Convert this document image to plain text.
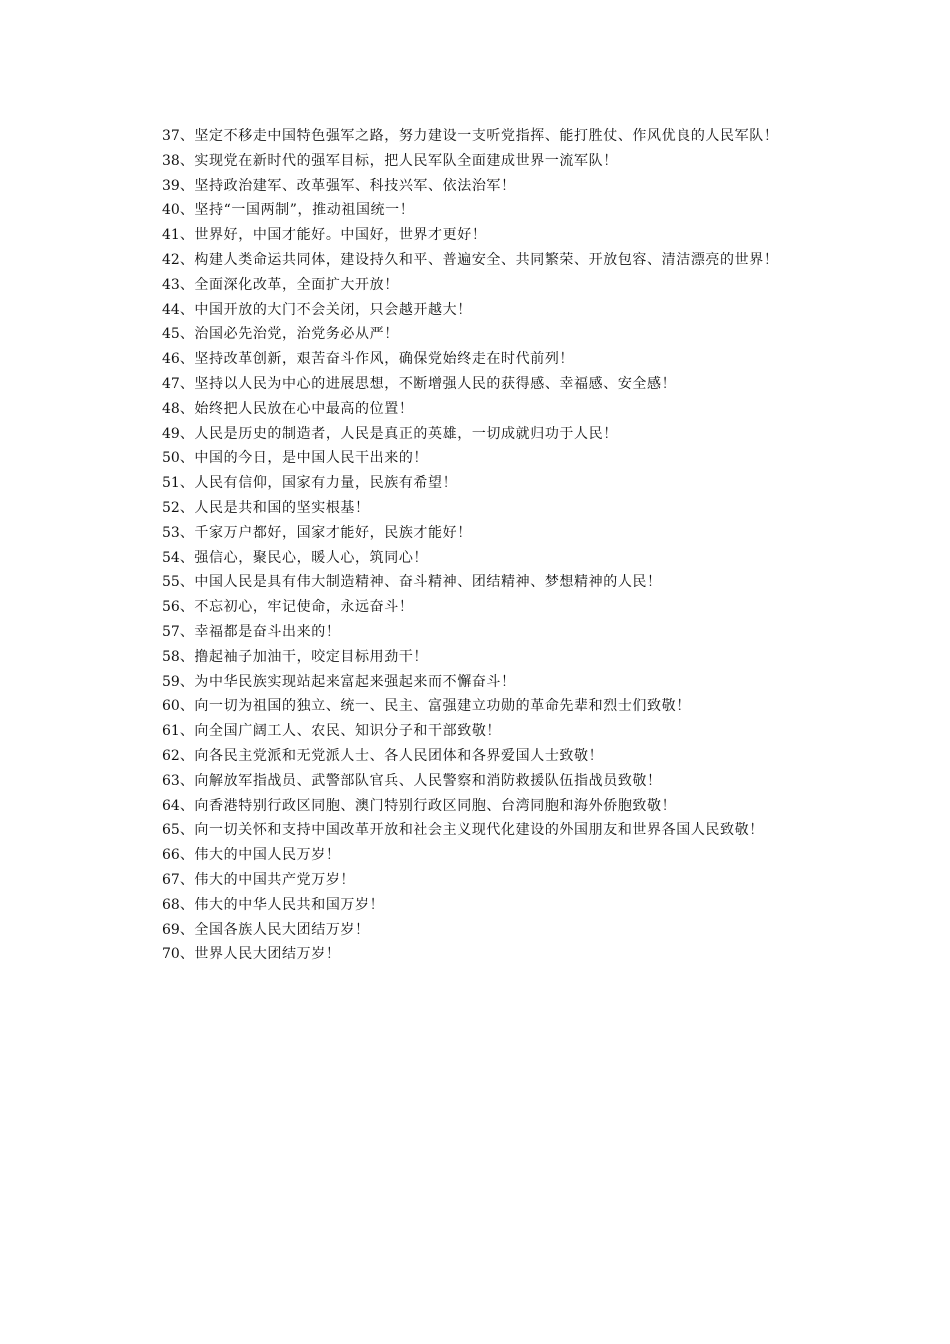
37、坚定不移走中国特色强军之路，努力建设一支听党指挥、能打胜仗、作风优良的人民军队！

38、实现党在新时代的强军目标，把人民军队全面建成世界一流军队！

39、坚持政治建军、改革强军、科技兴军、依法治军！

40、坚持“一国两制”，推动祖国统一！

41、世界好，中国才能好。中国好，世界才更好！

42、构建人类命运共同体，建设持久和平、普遍安全、共同繁荣、开放包容、清洁漂亮的世界！

43、全面深化改革，全面扩大开放！

44、中国开放的大门不会关闭，只会越开越大！

45、治国必先治党，治党务必从严！

46、坚持改革创新，艰苦奋斗作风，确保党始终走在时代前列！

47、坚持以人民为中心的进展思想，不断增强人民的获得感、幸福感、安全感！

48、始终把人民放在心中最高的位置！

49、人民是历史的制造者，人民是真正的英雄，一切成就归功于人民！

50、中国的今日，是中国人民干出来的！

51、人民有信仰，国家有力量，民族有希望！

52、人民是共和国的坚实根基！

53、千家万户都好，国家才能好，民族才能好！

54、强信心，聚民心，暖人心，筑同心！

55、中国人民是具有伟大制造精神、奋斗精神、团结精神、梦想精神的人民！

56、不忘初心，牢记使命，永远奋斗！

57、幸福都是奋斗出来的！

58、撸起袖子加油干，咬定目标用劲干！

59、为中华民族实现站起来富起来强起来而不懈奋斗！

60、向一切为祖国的独立、统一、民主、富强建立功勋的革命先辈和烈士们致敬！

61、向全国广阔工人、农民、知识分子和干部致敬！

62、向各民主党派和无党派人士、各人民团体和各界爱国人士致敬！

63、向解放军指战员、武警部队官兵、人民警察和消防救援队伍指战员致敬！

64、向香港特别行政区同胞、澳门特别行政区同胞、台湾同胞和海外侨胞致敬！

65、向一切关怀和支持中国改革开放和社会主义现代化建设的外国朋友和世界各国人民致敬！

66、伟大的中国人民万岁！

67、伟大的中国共产党万岁！

68、伟大的中华人民共和国万岁！

69、全国各族人民大团结万岁！

70、世界人民大团结万岁！
